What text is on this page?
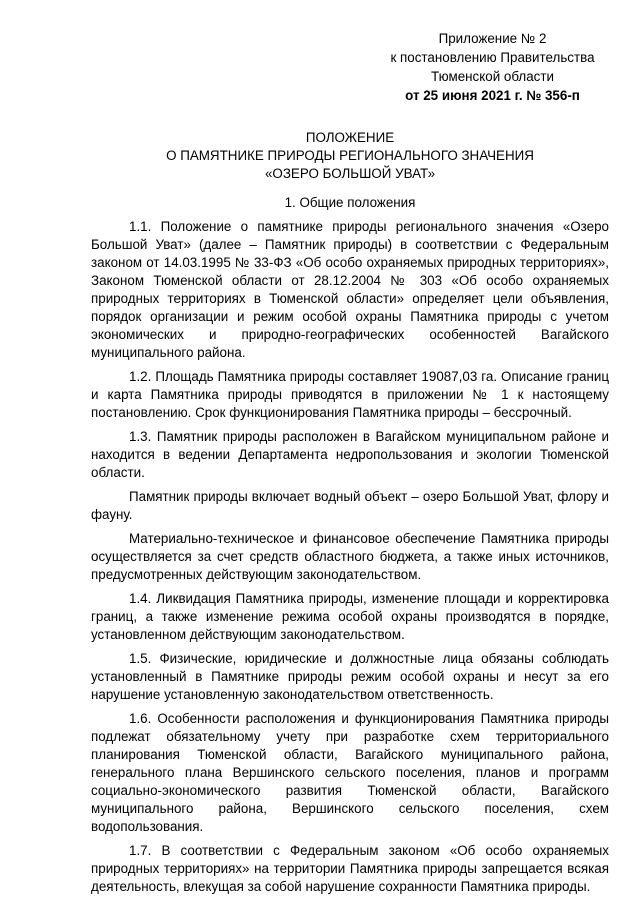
Приложение № 2
к постановлению Правительства
Тюменской области
от 25 июня 2021 г. № 356-п
ПОЛОЖЕНИЕ
О ПАМЯТНИКЕ ПРИРОДЫ РЕГИОНАЛЬНОГО ЗНАЧЕНИЯ
«ОЗЕРО БОЛЬШОЙ УВАТ»
1. Общие положения

1.1. Положение о памятнике природы регионального значения «Озеро Большой Уват» (далее – Памятник природы) в соответствии с Федеральным законом от 14.03.1995 № 33-ФЗ «Об особо охраняемых природных территориях», Законом Тюменской области от 28.12.2004 № 303 «Об особо охраняемых природных территориях в Тюменской области» определяет цели объявления, порядок организации и режим особой охраны Памятника природы с учетом экономических и природно-географических особенностей Вагайского муниципального района.

1.2. Площадь Памятника природы составляет 19087,03 га. Описание границ и карта Памятника природы приводятся в приложении № 1 к настоящему постановлению. Срок функционирования Памятника природы – бессрочный.

1.3. Памятник природы расположен в Вагайском муниципальном районе и находится в ведении Департамента недропользования и экологии Тюменской области.

Памятник природы включает водный объект – озеро Большой Уват, флору и фауну.

Материально-техническое и финансовое обеспечение Памятника природы осуществляется за счет средств областного бюджета, а также иных источников, предусмотренных действующим законодательством.

1.4. Ликвидация Памятника природы, изменение площади и корректировка границ, а также изменение режима особой охраны производятся в порядке, установленном действующим законодательством.

1.5. Физические, юридические и должностные лица обязаны соблюдать установленный в Памятнике природы режим особой охраны и несут за его нарушение установленную законодательством ответственность.

1.6. Особенности расположения и функционирования Памятника природы подлежат обязательному учету при разработке схем территориального планирования Тюменской области, Вагайского муниципального района, генерального плана Вершинского сельского поселения, планов и программ социально-экономического развития Тюменской области, Вагайского муниципального района, Вершинского сельского поселения, схем водопользования.

1.7. В соответствии с Федеральным законом «Об особо охраняемых природных территориях» на территории Памятника природы запрещается всякая деятельность, влекущая за собой нарушение сохранности Памятника природы.
